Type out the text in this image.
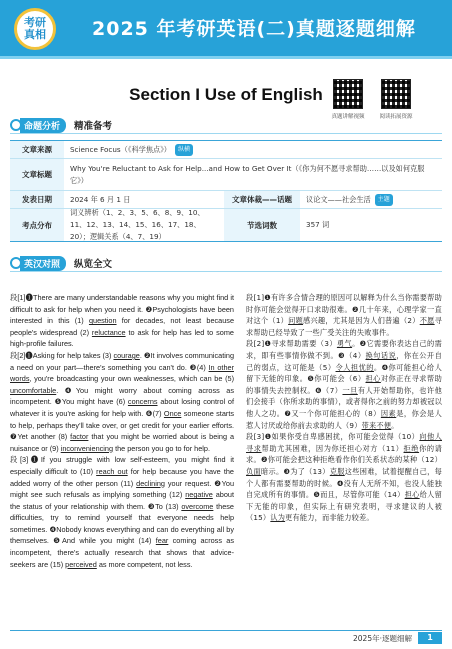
考研
真相 2025 年考研英语(二)真题逐题细解
Section I Use of English
真题讲解视频	阅读拓展资源
命题分析	精准备考
文章来源	Science Focus（《科学焦点》）	纵横
文章标题
Why You're Reluctant to Ask for Help...and How to Get Over It（《你为何不愿寻求帮助……以及如何克服它》）
发表日期	2024 年 6 月 1 日	文章体裁——话题	议论文——社会生活	主题
考点分布
词义辨析（1、2、3、5、6、8、9、10、11、12、13、14、15、16、17、18、20）；逻辑关系（4、7、19）
节选词数	357 词
英汉对照	纵览全文

段[1]❶There are many understandable reasons why you might find it difficult to ask for help when you need it. ❷Psychologists have been interested in this (1) question for decades, not least because people's widespread (2) reluctance to ask for help has led to some high-profile failures.

段[2]❶Asking for help takes (3) courage. ❷It involves communicating a need on your part—there's something you can't do. ❸(4) In other words, you're broadcasting your own weaknesses, which can be (5) uncomfortable. ❹You might worry about coming across as incompetent. ❺You might have (6) concerns about losing control of whatever it is you're asking for help with. ❻(7) Once someone starts to help, perhaps they'll take over, or get credit for your earlier efforts. ❼Yet another (8) factor that you might be worried about is being a nuisance or (9) inconveniencing the person you go to for help.

段[3]❶If you struggle with low self-esteem, you might find it especially difficult to (10) reach out for help because you have the added worry of the other person (11) declining your request. ❷You might see such refusals as implying something (12) negative about the status of your relationship with them. ❸To (13) overcome these difficulties, try to remind yourself that everyone needs help sometimes. ❹Nobody knows everything and can do everything all by themselves. ❺And while you might (14) fear coming across as incompetent, there's actually research that shows that advice-seekers are (15) perceived as more competent, not less.

段[1]❶有许多合情合理的原因可以解释为什么当你需要帮助时你可能会觉得开口求助很难。❷几十年来，心理学家一直对这个（1）问题感兴趣，尤其是因为人们普遍（2）不愿寻求帮助已经导致了一些广受关注的失败事件。

段[2]❶寻求帮助需要（3）勇气。❷它需要你表达自己的需求，即有些事情你做不到。❸（4）换句话说，你在公开自己的弱点，这可能是（5）令人担忧的。❹你可能担心给人留下无能的印象。❺你可能会（6）担心对你正在寻求帮助的事情失去控制权。❻（7）一旦有人开始帮助你，也许他们会接手（你所求助的事情），或者得你之前的努力却被冠以他人之功。❼又一个你可能担心的（8）因素是，你会是人惹人讨厌或给你前去求助的人（9）带来不便。

段[3]❶如果你受自卑感困扰，你可能会觉得（10）向他人寻求帮助尤其困难，因为你还担心对方（11）拒绝你的请求。❷你可能会把这种拒绝看作你们关系状态的某种（12）负面暗示。❸为了（13）克服这些困难，试着提醒自己，每个人都有需要帮助的时候。❹没有人无所不知，也没人能独自完成所有的事情。❺而且，尽管你可能（14）担心给人留下无能的印象，但实际上有研究表明，寻求建议的人被（15）认为更有能力，而非能力较差。

2025年·逐题细解	1
